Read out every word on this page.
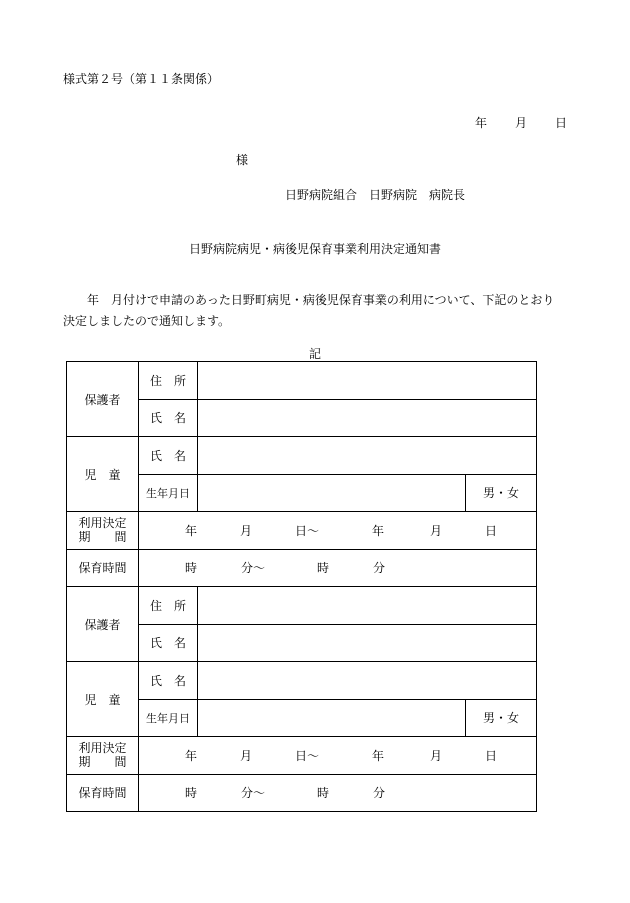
様式第２号（第１１条関係）
年 月 日
様
日野病院組合　日野病院　病院長
日野病院病児・病後児保育事業利用決定通知書
　　年　月付けで申請のあった日野町病児・病後児保育事業の利用について、下記のとおり決定しましたので通知します。
記
保護者	住　所		
	氏　名		
児　童	氏　名		
	生年月日		男・女

利用決定
期　　間	年 月 日～ 年 月 日		

保育時間	時 分～ 時 分		

保護者	住　所		
	氏　名		
児　童	氏　名		
	生年月日		男・女

利用決定
期　　間	年 月 日～ 年 月 日		

保育時間	時 分～ 時 分		
